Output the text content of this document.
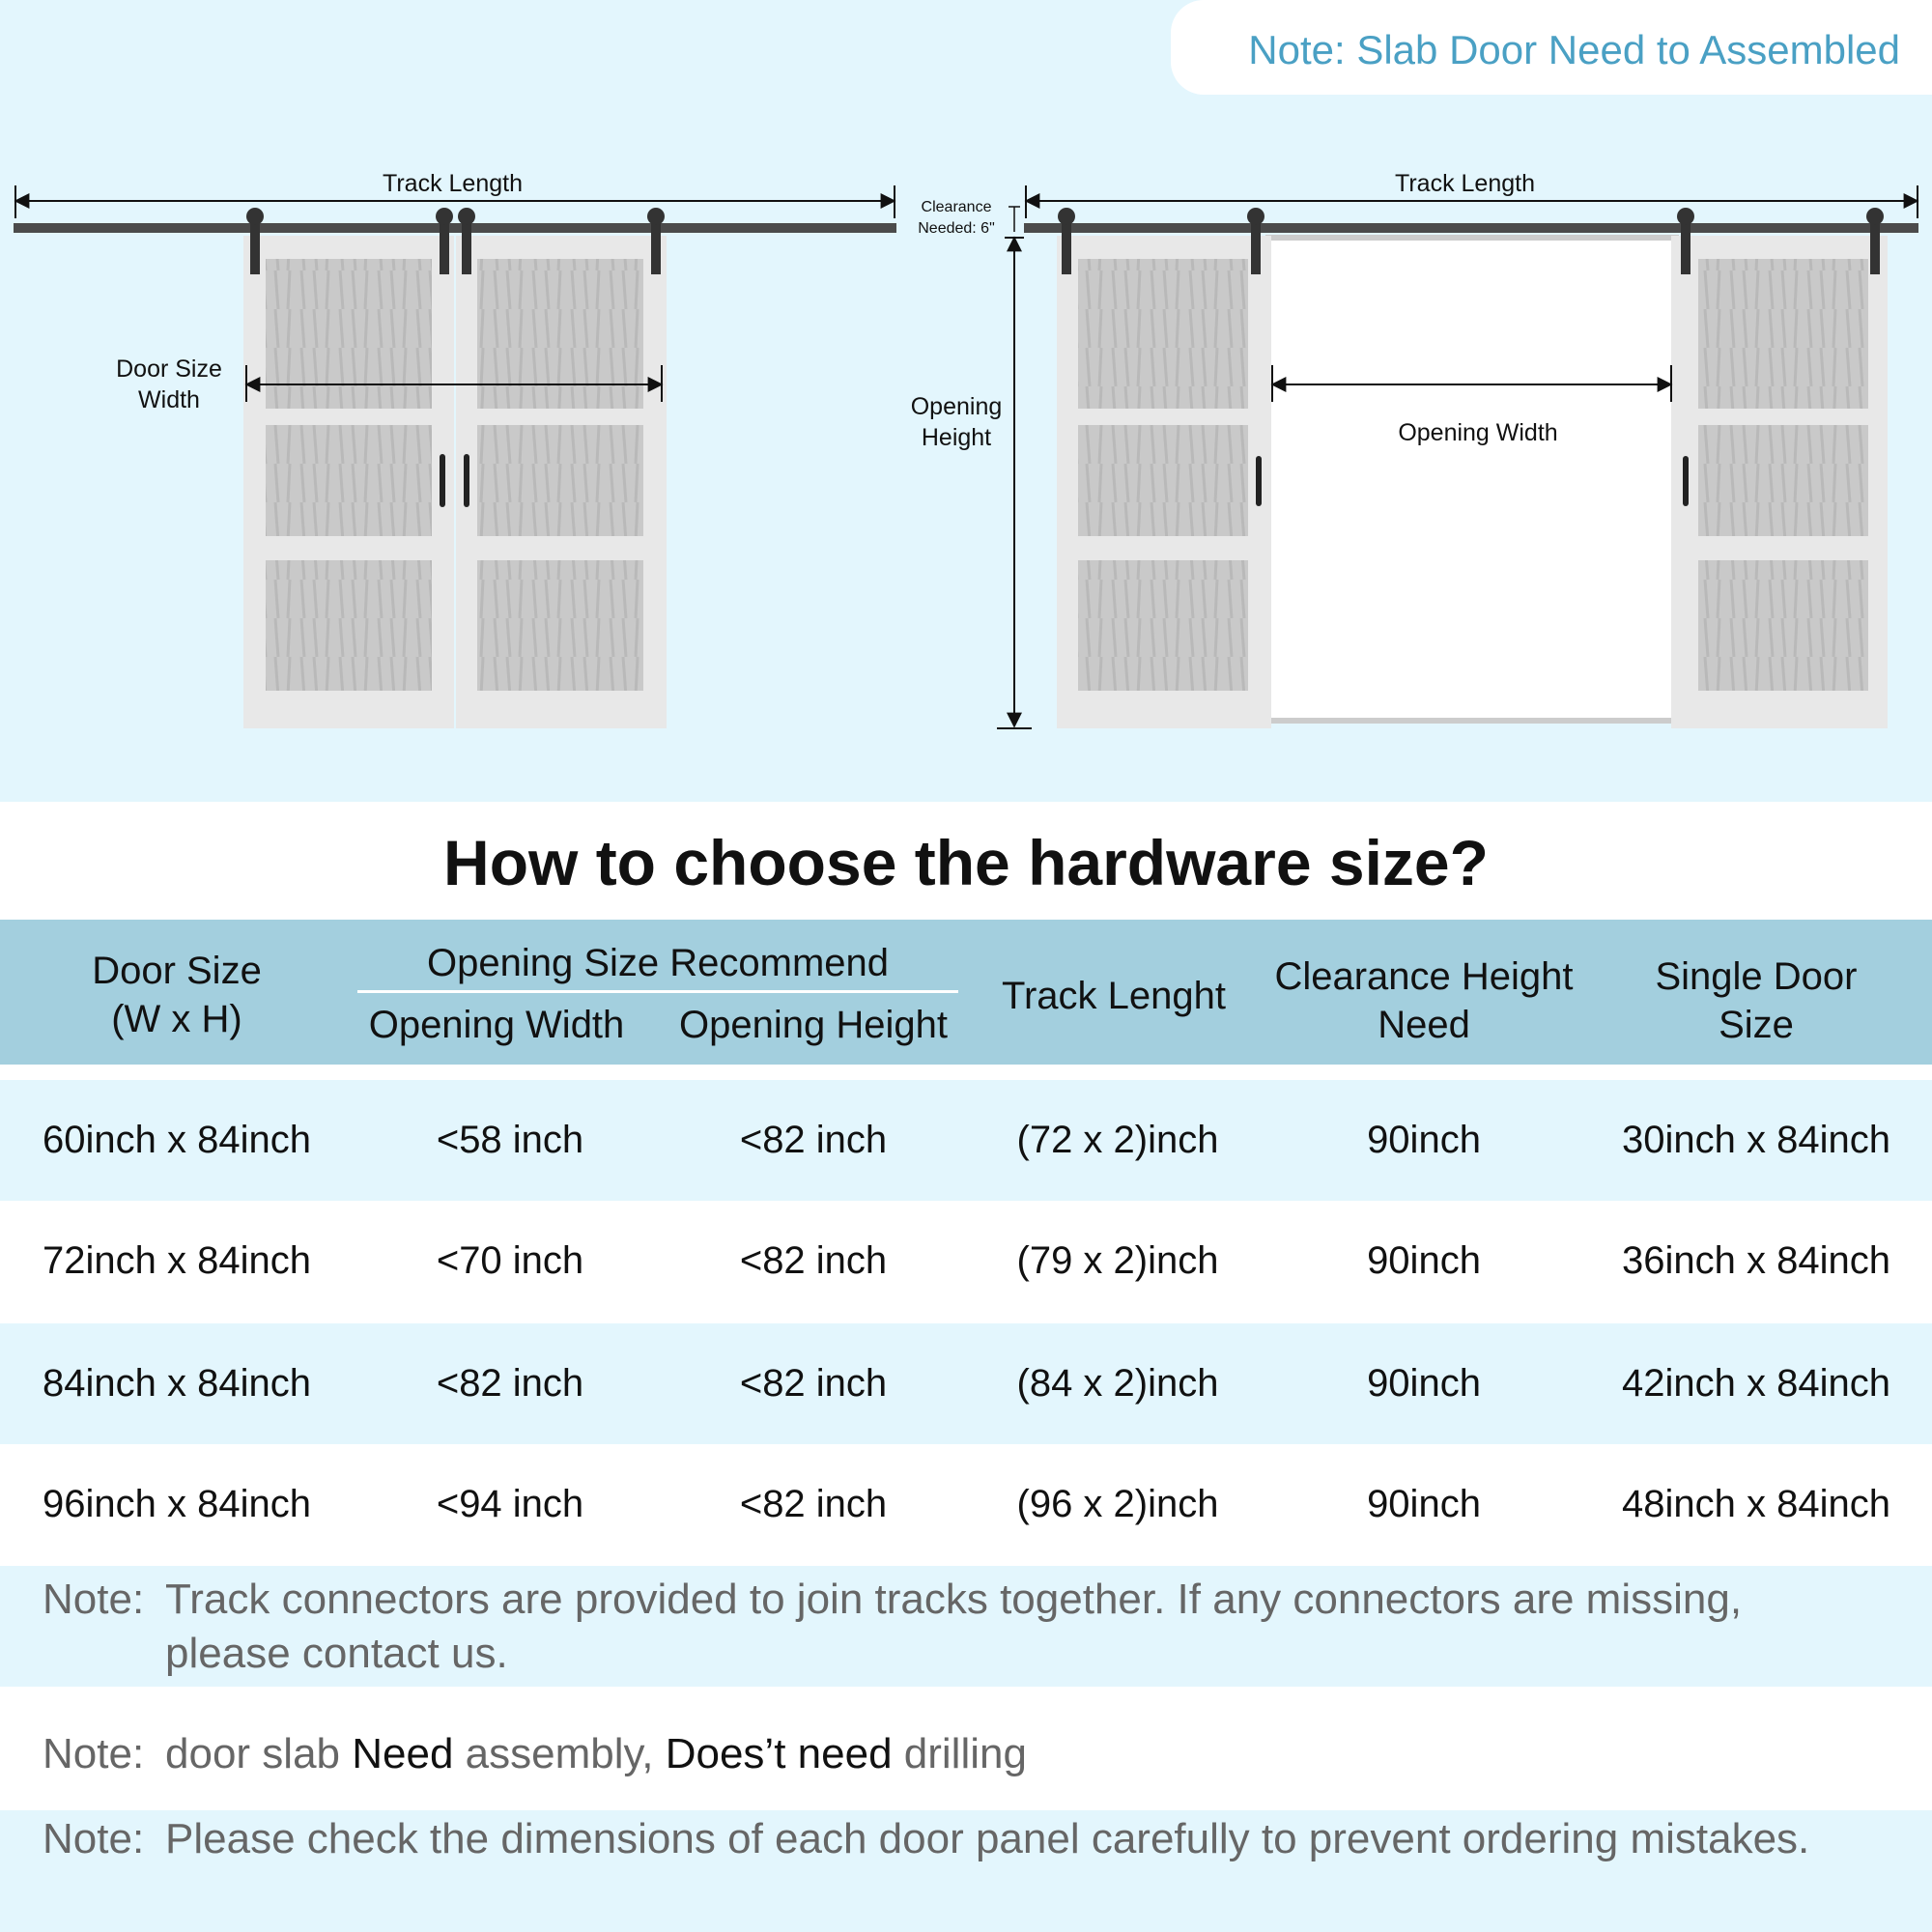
Note: Slab Door Need to Assembled
Track Length
Door Size
Width
Track Length
Clearance
Needed: 6"
Opening
Height	Opening Width
How to choose the hardware size?
Door Size
(W x H)
Opening Size Recommend
Opening Width	Opening Height
Track Lenght	Clearance Height
Need
Single Door
Size
60inch x 84inch	<58 inch	<82 inch	(72 x 2)inch	90inch	30inch x 84inch
72inch x 84inch	<70 inch	<82 inch	(79 x 2)inch	90inch	36inch x 84inch
84inch x 84inch	<82 inch	<82 inch	(84 x 2)inch	90inch	42inch x 84inch
96inch x 84inch	<94 inch	<82 inch	(96 x 2)inch	90inch	48inch x 84inch
Note: Track connectors are provided to join tracks together. If any connectors are missing, please contact us.
Note: door slab Need assembly, Does’t need drilling
Note: Please check the dimensions of each door panel carefully to prevent ordering mistakes.
